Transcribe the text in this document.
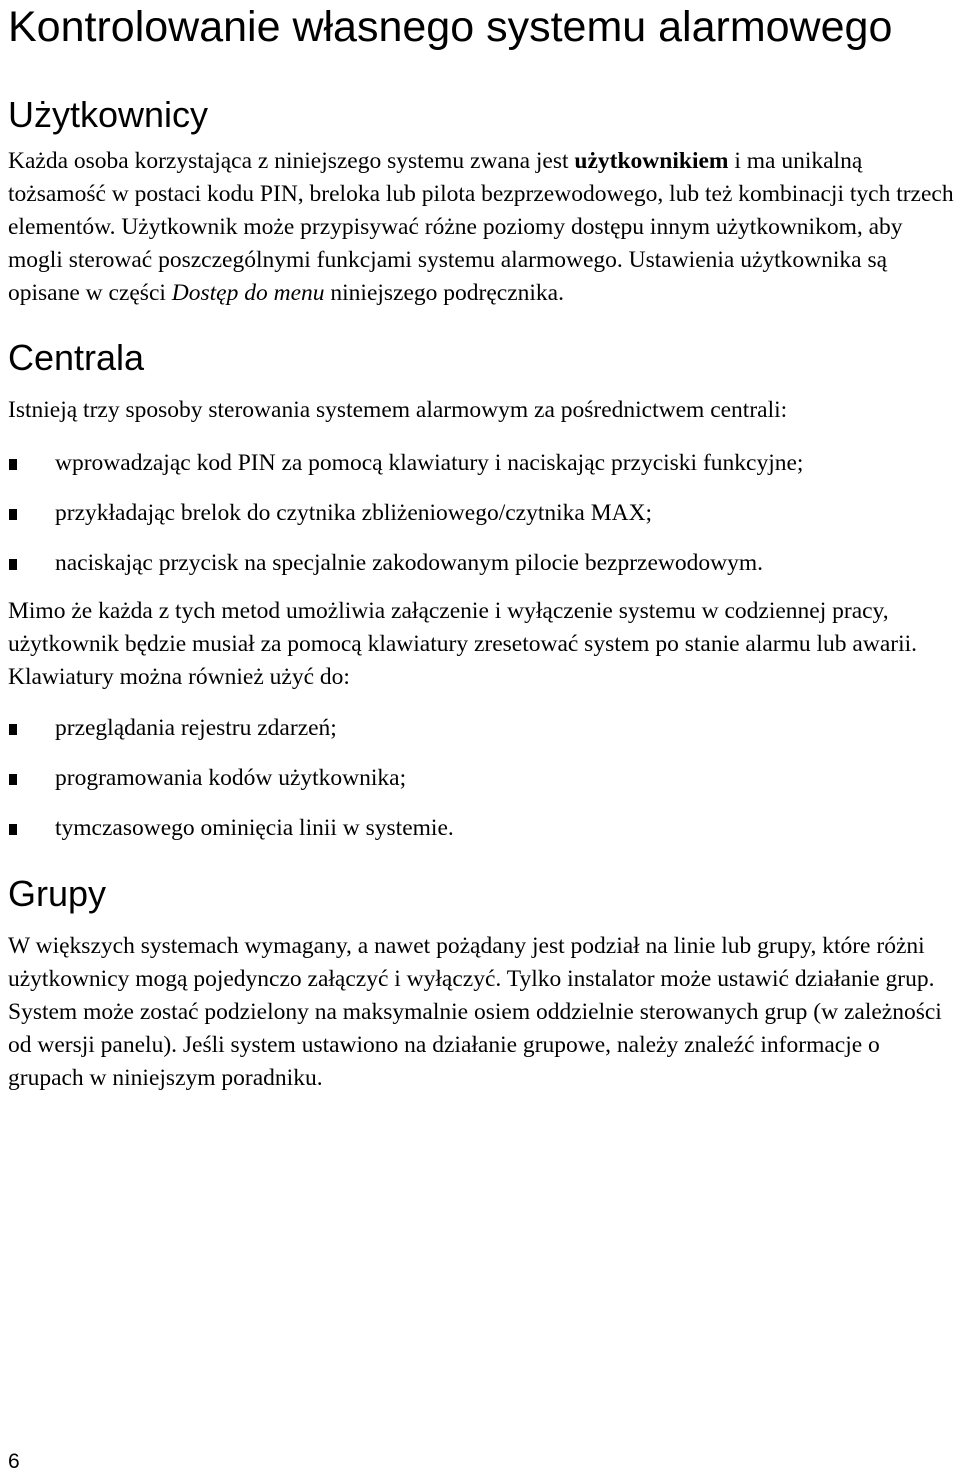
Kontrolowanie własnego systemu alarmowego
Użytkownicy

Każda osoba korzystająca z niniejszego systemu zwana jest użytkownikiem i ma unikalną tożsamość w postaci kodu PIN, breloka lub pilota bezprzewodowego, lub też kombinacji tych trzech elementów. Użytkownik może przypisywać różne poziomy dostępu innym użytkownikom, aby mogli sterować poszczególnymi funkcjami systemu alarmowego. Ustawienia użytkownika są opisane w części Dostęp do menu niniejszego podręcznika.

Centrala

Istnieją trzy sposoby sterowania systemem alarmowym za pośrednictwem centrali:

wprowadzając kod PIN za pomocą klawiatury i naciskając przyciski funkcyjne;
przykładając brelok do czytnika zbliżeniowego/czytnika MAX;
naciskając przycisk na specjalnie zakodowanym pilocie bezprzewodowym.

Mimo że każda z tych metod umożliwia załączenie i wyłączenie systemu w codziennej pracy, użytkownik będzie musiał za pomocą klawiatury zresetować system po stanie alarmu lub awarii. Klawiatury można również użyć do:

przeglądania rejestru zdarzeń;
programowania kodów użytkownika;
tymczasowego ominięcia linii w systemie.
Grupy

W większych systemach wymagany, a nawet pożądany jest podział na linie lub grupy, które różni użytkownicy mogą pojedynczo załączyć i wyłączyć. Tylko instalator może ustawić działanie grup. System może zostać podzielony na maksymalnie osiem oddzielnie sterowanych grup (w zależności od wersji panelu). Jeśli system ustawiono na działanie grupowe, należy znaleźć informacje o grupach w niniejszym poradniku.

6
